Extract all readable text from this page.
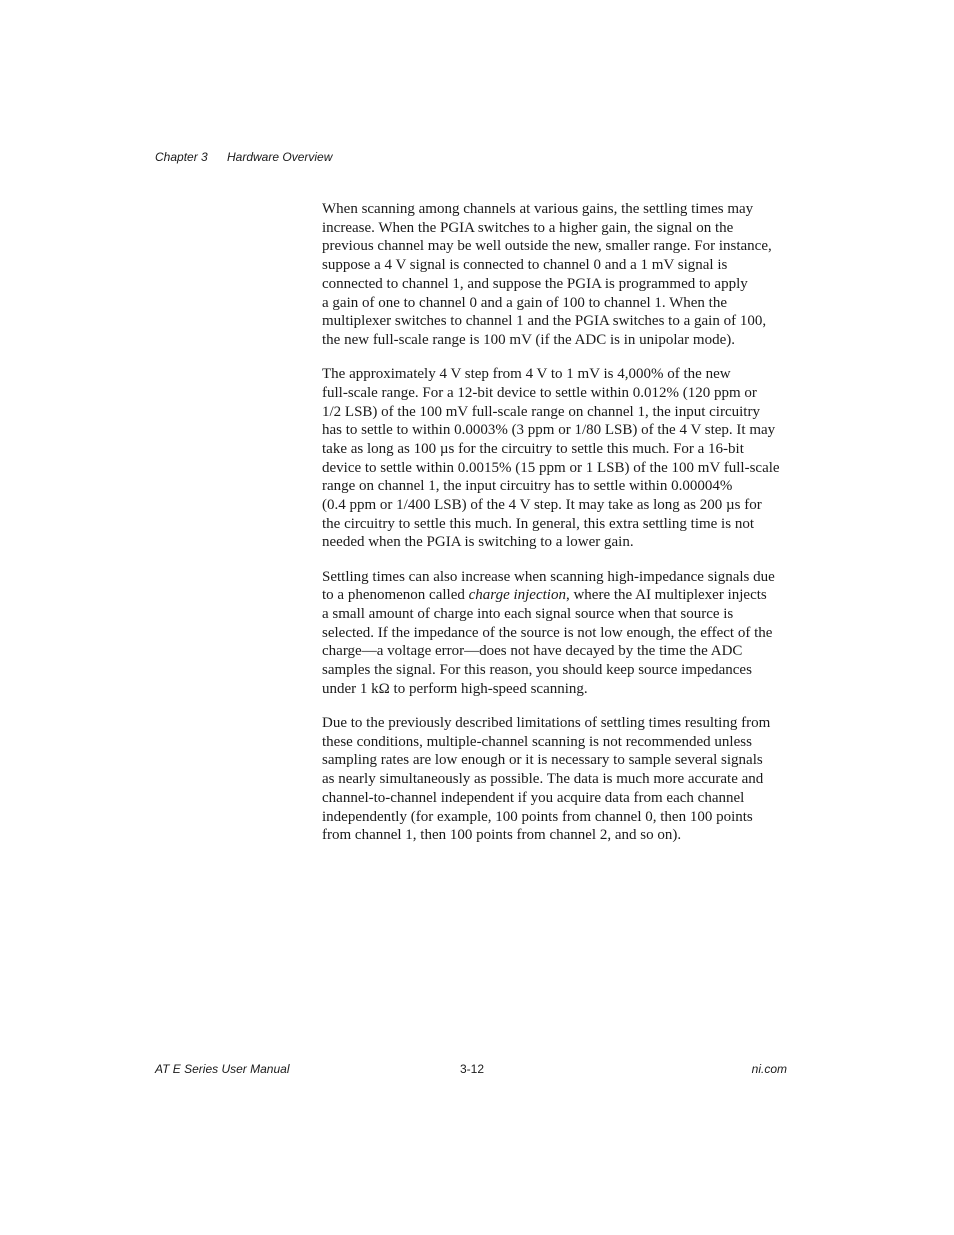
Chapter 3 Hardware Overview

When scanning among channels at various gains, the settling times may
increase. When the PGIA switches to a higher gain, the signal on the
previous channel may be well outside the new, smaller range. For instance,
suppose a 4 V signal is connected to channel 0 and a 1 mV signal is
connected to channel 1, and suppose the PGIA is programmed to apply
a gain of one to channel 0 and a gain of 100 to channel 1. When the
multiplexer switches to channel 1 and the PGIA switches to a gain of 100,
the new full-scale range is 100 mV (if the ADC is in unipolar mode).

The approximately 4 V step from 4 V to 1 mV is 4,000% of the new
full-scale range. For a 12-bit device to settle within 0.012% (120 ppm or
1/2 LSB) of the 100 mV full-scale range on channel 1, the input circuitry
has to settle to within 0.0003% (3 ppm or 1/80 LSB) of the 4 V step. It may
take as long as 100 µs for the circuitry to settle this much. For a 16-bit
device to settle within 0.0015% (15 ppm or 1 LSB) of the 100 mV full-scale
range on channel 1, the input circuitry has to settle within 0.00004%
(0.4 ppm or 1/400 LSB) of the 4 V step. It may take as long as 200 µs for
the circuitry to settle this much. In general, this extra settling time is not
needed when the PGIA is switching to a lower gain.

Settling times can also increase when scanning high-impedance signals due
to a phenomenon called charge injection, where the AI multiplexer injects
a small amount of charge into each signal source when that source is
selected. If the impedance of the source is not low enough, the effect of the
charge—a voltage error—does not have decayed by the time the ADC
samples the signal. For this reason, you should keep source impedances
under 1 kΩ to perform high-speed scanning.

Due to the previously described limitations of settling times resulting from
these conditions, multiple-channel scanning is not recommended unless
sampling rates are low enough or it is necessary to sample several signals
as nearly simultaneously as possible. The data is much more accurate and
channel-to-channel independent if you acquire data from each channel
independently (for example, 100 points from channel 0, then 100 points
from channel 1, then 100 points from channel 2, and so on).

AT E Series User Manual	3-12	ni.com
